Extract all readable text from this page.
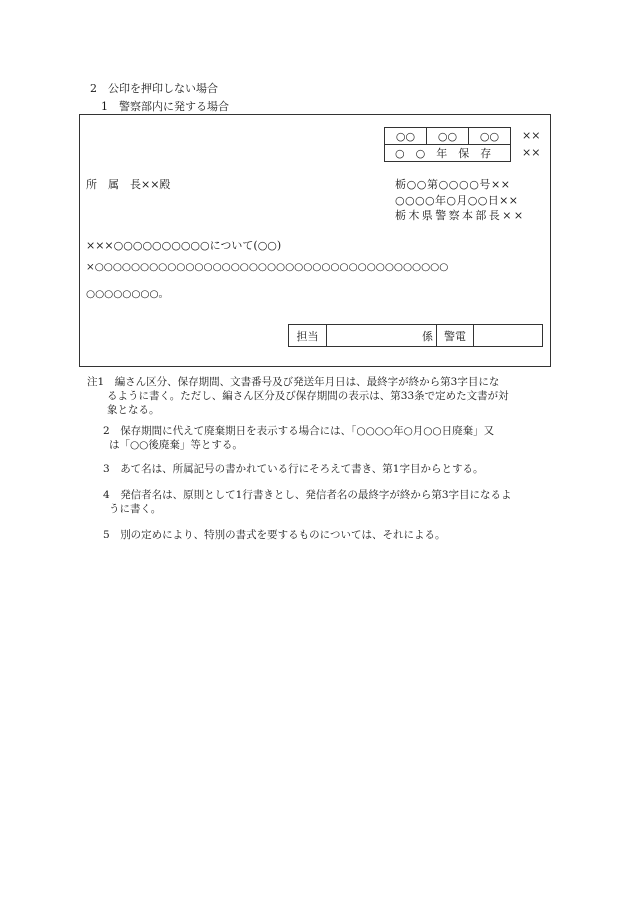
2　公印を押印しない場合
1　警察部内に発する場合
○○	○○	○○
○　○　年　保　存
××
××
所　属　長××殿	栃○○第○○○○号××
○○○○年○月○○日××
栃木県警察本部長××
×××○○○○○○○○○○について(○○)
×○○○○○○○○○○○○○○○○○○○○○○○○○○○○○○○○○○○○○○○
○○○○○○○○。
担当	係	警電	
注1　 編さん区分、保存期間、文書番号及び発送年月日は、最終字が終から第3字目にな
るように書く。ただし、編さん区分及び保存期間の表示は、第33条で定めた文書が対
象となる。
2　 保存期間に代えて廃棄期日を表示する場合には、「○○○○年○月○○日廃棄」又
は「○○後廃棄」等とする。
3　 あて名は、所属記号の書かれている行にそろえて書き、第1字目からとする。
4　 発信者名は、原則として1行書きとし、発信者名の最終字が終から第3字目になるよ
うに書く。
5　 別の定めにより、特別の書式を要するものについては、それによる。
